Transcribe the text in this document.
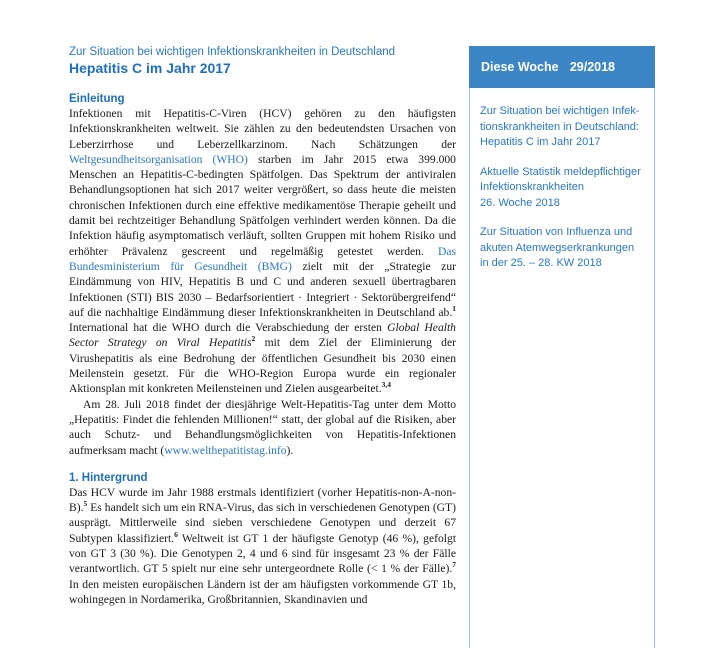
Zur Situation bei wichtigen Infektionskrankheiten in Deutschland
Hepatitis C im Jahr 2017
Einleitung

Infektionen mit Hepatitis-C-Viren (HCV) gehören zu den häufigsten Infektionskrankheiten weltweit. Sie zählen zu den bedeutendsten Ursachen von Leberzirrhose und Leberzellkarzinom. Nach Schätzungen der Weltgesundheitsorganisation (WHO) starben im Jahr 2015 etwa 399.000 Menschen an Hepatitis-C-bedingten Spätfolgen. Das Spektrum der antiviralen Behandlungsoptionen hat sich 2017 weiter vergrößert, so dass heute die meisten chronischen Infektionen durch eine effektive medikamentöse Therapie geheilt und damit bei rechtzeitiger Behandlung Spätfolgen verhindert werden können. Da die Infektion häufig asymptomatisch verläuft, sollten Gruppen mit hohem Risiko und erhöhter Prävalenz gescreent und regelmäßig getestet werden. Das Bundesministerium für Gesundheit (BMG) zielt mit der „Strategie zur Eindämmung von HIV, Hepatitis B und C und anderen sexuell übertragbaren Infektionen (STI) BIS 2030 – Bedarfsorientiert · Integriert · Sektorübergreifend“ auf die nachhaltige Eindämmung dieser Infektionskrankheiten in Deutschland ab.$^1$ International hat die WHO durch die Verabschiedung der ersten Global Health Sector Strategy on Viral Hepatitis$^2$ mit dem Ziel der Eliminierung der Virushepatitis als eine Bedrohung der öffentlichen Gesundheit bis 2030 einen Meilenstein gesetzt. Für die WHO-Region Europa wurde ein regionaler Aktionsplan mit konkreten Meilensteinen und Zielen ausgearbeitet.$^{3,4}$

Am 28. Juli 2018 findet der diesjährige Welt-Hepatitis-Tag unter dem Motto „Hepatitis: Findet die fehlenden Millionen!“ statt, der global auf die Risiken, aber auch Schutz- und Behandlungsmöglichkeiten von Hepatitis-Infektionen aufmerksam macht (www.welthepatitistag.info).

1. Hintergrund

Das HCV wurde im Jahr 1988 erstmals identifiziert (vorher Hepatitis-non-A-non-B).$^5$ Es handelt sich um ein RNA-Virus, das sich in verschiedenen Genotypen (GT) ausprägt. Mittlerweile sind sieben verschiedene Genotypen und derzeit 67 Subtypen klassifiziert.$^6$ Weltweit ist GT 1 der häufigste Genotyp (46 %), gefolgt von GT 3 (30 %). Die Genotypen 2, 4 und 6 sind für insgesamt 23 % der Fälle verantwortlich. GT 5 spielt nur eine sehr untergeordnete Rolle (< 1 % der Fälle).$^7$ In den meisten europäischen Ländern ist der am häufigsten vorkommende GT 1b, wohingegen in Nordamerika, Großbritannien, Skandinavien und

Diese Woche 29/2018
Zur Situation bei wichtigen Infek-
tionskrankheiten in Deutschland:
Hepatitis C im Jahr 2017
Aktuelle Statistik meldepflichtiger
Infektionskrankheiten
26. Woche 2018
Zur Situation von Influenza und
akuten Atemwegserkrankungen
in der 25. – 28. KW 2018
